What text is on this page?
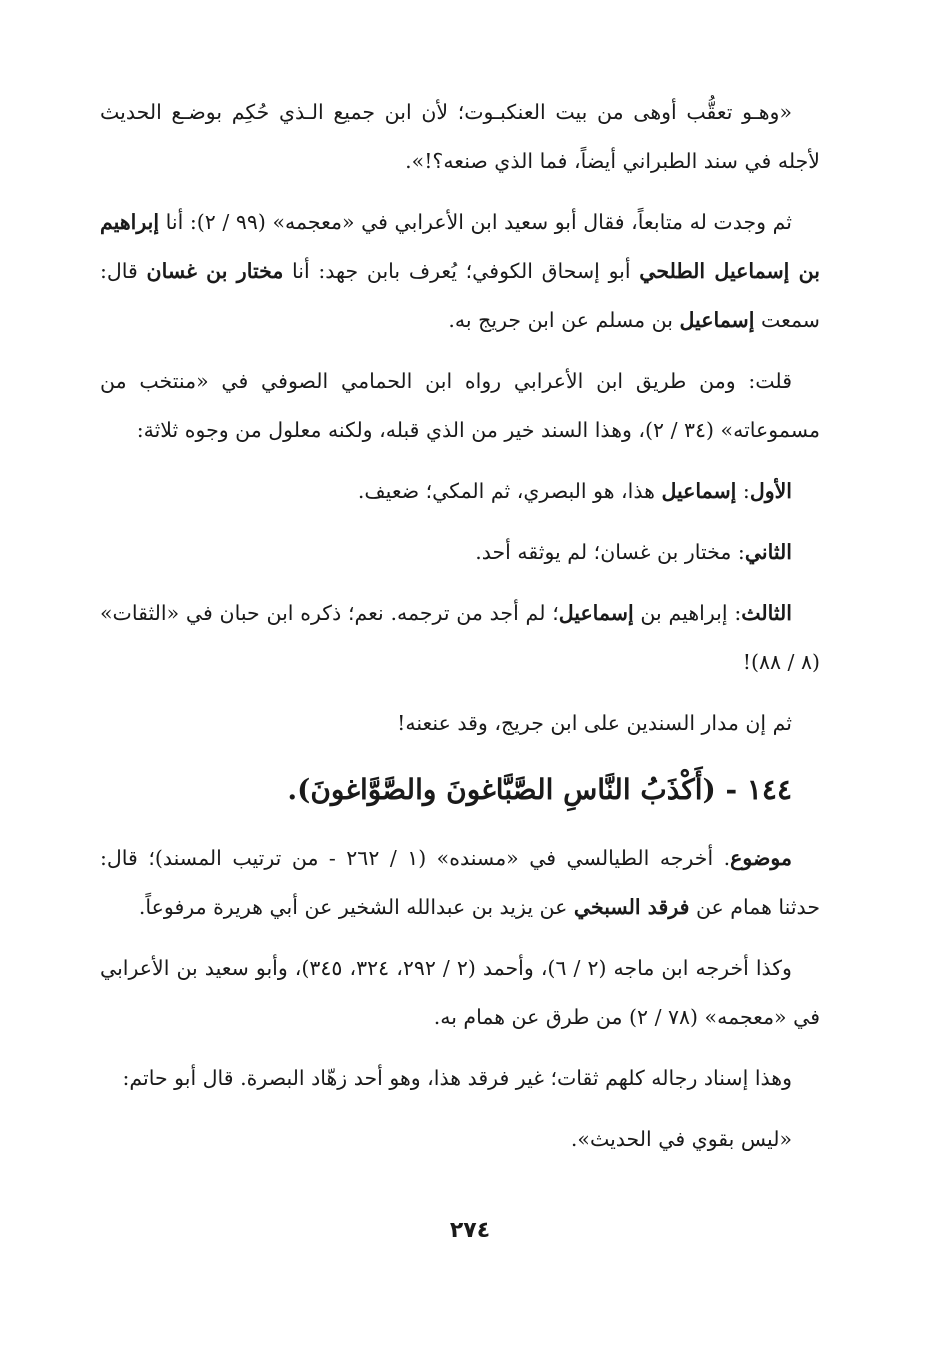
«وهـو تعقُّب أوهى من بيت العنكبـوت؛ لأن ابن جميع الـذي حُكِم بوضـع الحديث لأجله في سند الطبراني أيضاً، فما الذي صنعه؟!».

ثم وجدت له متابعاً، فقال أبو سعيد ابن الأعرابي في «معجمه» (٩٩ / ٢): أنا إبراهيم بن إسماعيل الطلحي أبو إسحاق الكوفي؛ يُعرف بابن جهد: أنا مختار بن غسان قال: سمعت إسماعيل بن مسلم عن ابن جريج به.

قلت: ومن طريق ابن الأعرابي رواه ابن الحمامي الصوفي في «منتخب من مسموعاته» (٣٤ / ٢)، وهذا السند خير من الذي قبله، ولكنه معلول من وجوه ثلاثة:

الأول: إسماعيل هذا، هو البصري، ثم المكي؛ ضعيف.

الثاني: مختار بن غسان؛ لم يوثقه أحد.

الثالث: إبراهيم بن إسماعيل؛ لم أجد من ترجمه. نعم؛ ذكره ابن حبان في «الثقات» (٨ / ٨٨)!

ثم إن مدار السندين على ابن جريج، وقد عنعنه!

١٤٤ - (أَكْذَبُ النَّاسِ الصَّبَّاغونَ والصَّوَّاغونَ).

موضوع. أخرجه الطيالسي في «مسنده» (١ / ٢٦٢ - من ترتيب المسند)؛ قال: حدثنا همام عن فرقد السبخي عن يزيد بن عبدالله الشخير عن أبي هريرة مرفوعاً.

وكذا أخرجه ابن ماجه (٢ / ٦)، وأحمد (٢ / ٢٩٢، ٣٢٤، ٣٤٥)، وأبو سعيد بن الأعرابي في «معجمه» (٧٨ / ٢) من طرق عن همام به.

وهذا إسناد رجاله كلهم ثقات؛ غير فرقد هذا، وهو أحد زهّاد البصرة. قال أبو حاتم:

«ليس بقوي في الحديث».

٢٧٤
